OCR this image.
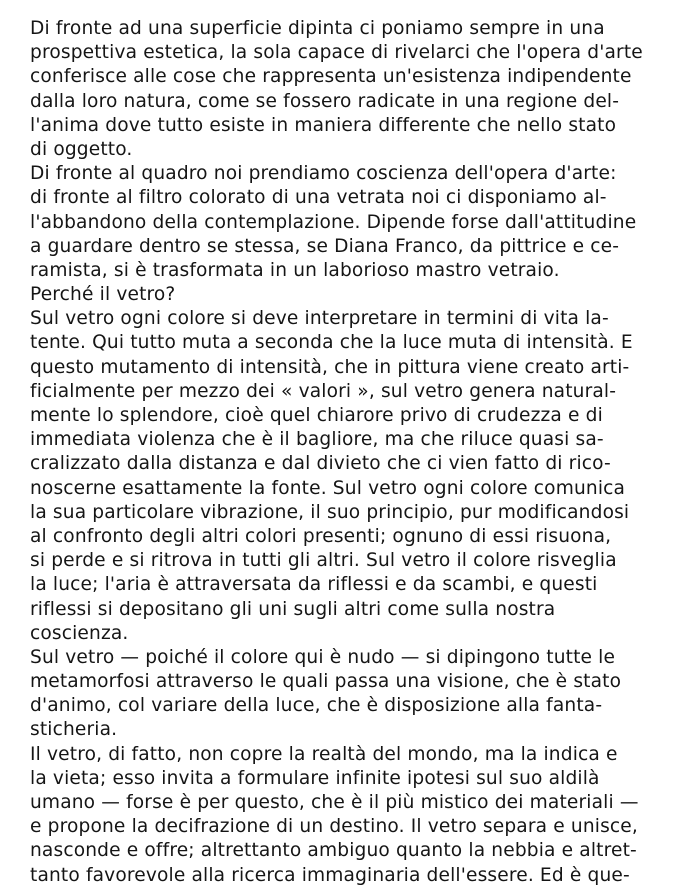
Di fronte ad una superficie dipinta ci poniamo sempre in una
prospettiva estetica, la sola capace di rivelarci che l'opera d'arte
conferisce alle cose che rappresenta un'esistenza indipendente
dalla loro natura, come se fossero radicate in una regione del-
l'anima dove tutto esiste in maniera differente che nello stato
di oggetto.
Di fronte al quadro noi prendiamo coscienza dell'opera d'arte:
di fronte al filtro colorato di una vetrata noi ci disponiamo al-
l'abbandono della contemplazione. Dipende forse dall'attitudine
a guardare dentro se stessa, se Diana Franco, da pittrice e ce-
ramista, si è trasformata in un laborioso mastro vetraio.
Perché il vetro?
Sul vetro ogni colore si deve interpretare in termini di vita la-
tente. Qui tutto muta a seconda che la luce muta di intensità. E
questo mutamento di intensità, che in pittura viene creato arti-
ficialmente per mezzo dei « valori », sul vetro genera natural-
mente lo splendore, cioè quel chiarore privo di crudezza e di
immediata violenza che è il bagliore, ma che riluce quasi sa-
cralizzato dalla distanza e dal divieto che ci vien fatto di rico-
noscerne esattamente la fonte. Sul vetro ogni colore comunica
la sua particolare vibrazione, il suo principio, pur modificandosi
al confronto degli altri colori presenti; ognuno di essi risuona,
si perde e si ritrova in tutti gli altri. Sul vetro il colore risveglia
la luce; l'aria è attraversata da riflessi e da scambi, e questi
riflessi si depositano gli uni sugli altri come sulla nostra
coscienza.
Sul vetro — poiché il colore qui è nudo — si dipingono tutte le
metamorfosi attraverso le quali passa una visione, che è stato
d'animo, col variare della luce, che è disposizione alla fanta-
sticheria.
Il vetro, di fatto, non copre la realtà del mondo, ma la indica e
la vieta; esso invita a formulare infinite ipotesi sul suo aldilà
umano — forse è per questo, che è il più mistico dei materiali —
e propone la decifrazione di un destino. Il vetro separa e unisce,
nasconde e offre; altrettanto ambiguo quanto la nebbia e altret-
tanto favorevole alla ricerca immaginaria dell'essere. Ed è que-
